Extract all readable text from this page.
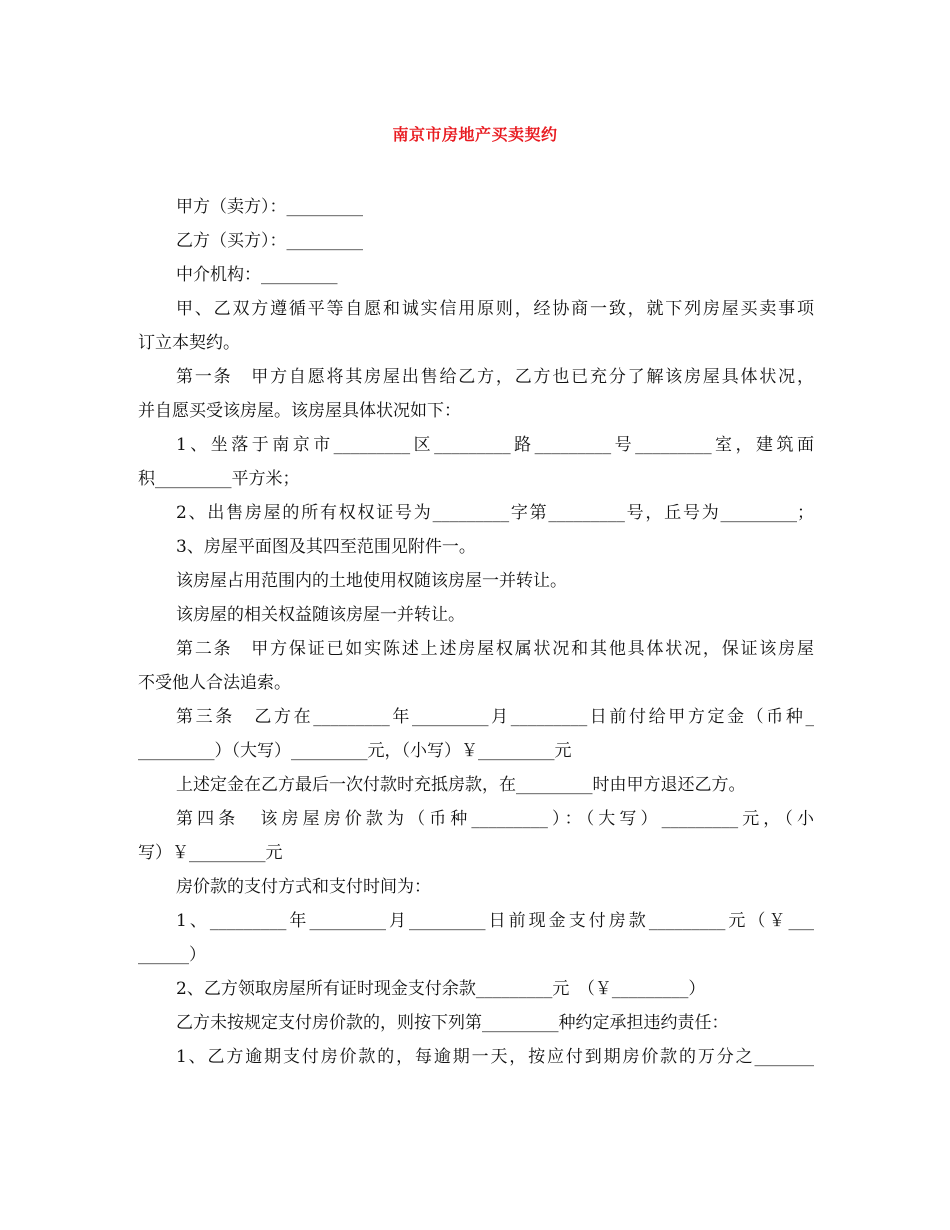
南京市房地产买卖契约
甲方（卖方）：_________
乙方（买方）：_________
中介机构：_________
甲、乙双方遵循平等自愿和诚实信用原则，经协商一致，就下列房屋买卖事项
订立本契约。
第一条　甲方自愿将其房屋出售给乙方，乙方也已充分了解该房屋具体状况，
并自愿买受该房屋。该房屋具体状况如下：
1、坐落于南京市_________区_________路_________号_________室，建筑面
积_________平方米；
2、出售房屋的所有权权证号为_________字第_________号，丘号为_________；
3、房屋平面图及其四至范围见附件一。
该房屋占用范围内的土地使用权随该房屋一并转让。
该房屋的相关权益随该房屋一并转让。
第二条　甲方保证已如实陈述上述房屋权属状况和其他具体状况，保证该房屋
不受他人合法追索。
第三条　乙方在_________年_________月_________日前付给甲方定金（币种_
_________）（大写）_________元，（小写）￥_________元
上述定金在乙方最后一次付款时充抵房款，在_________时由甲方退还乙方。
第四条　该房屋房价款为（币种_________）：（大写）_________元，（小
写）￥_________元
房价款的支付方式和支付时间为：
1、_________年_________月_________日前现金支付房款_________元（￥___
______）
2、乙方领取房屋所有证时现金支付余款_________元　（￥_________）
乙方未按规定支付房价款的，则按下列第_________种约定承担违约责任：
1、乙方逾期支付房价款的，每逾期一天，按应付到期房价款的万分之_______
